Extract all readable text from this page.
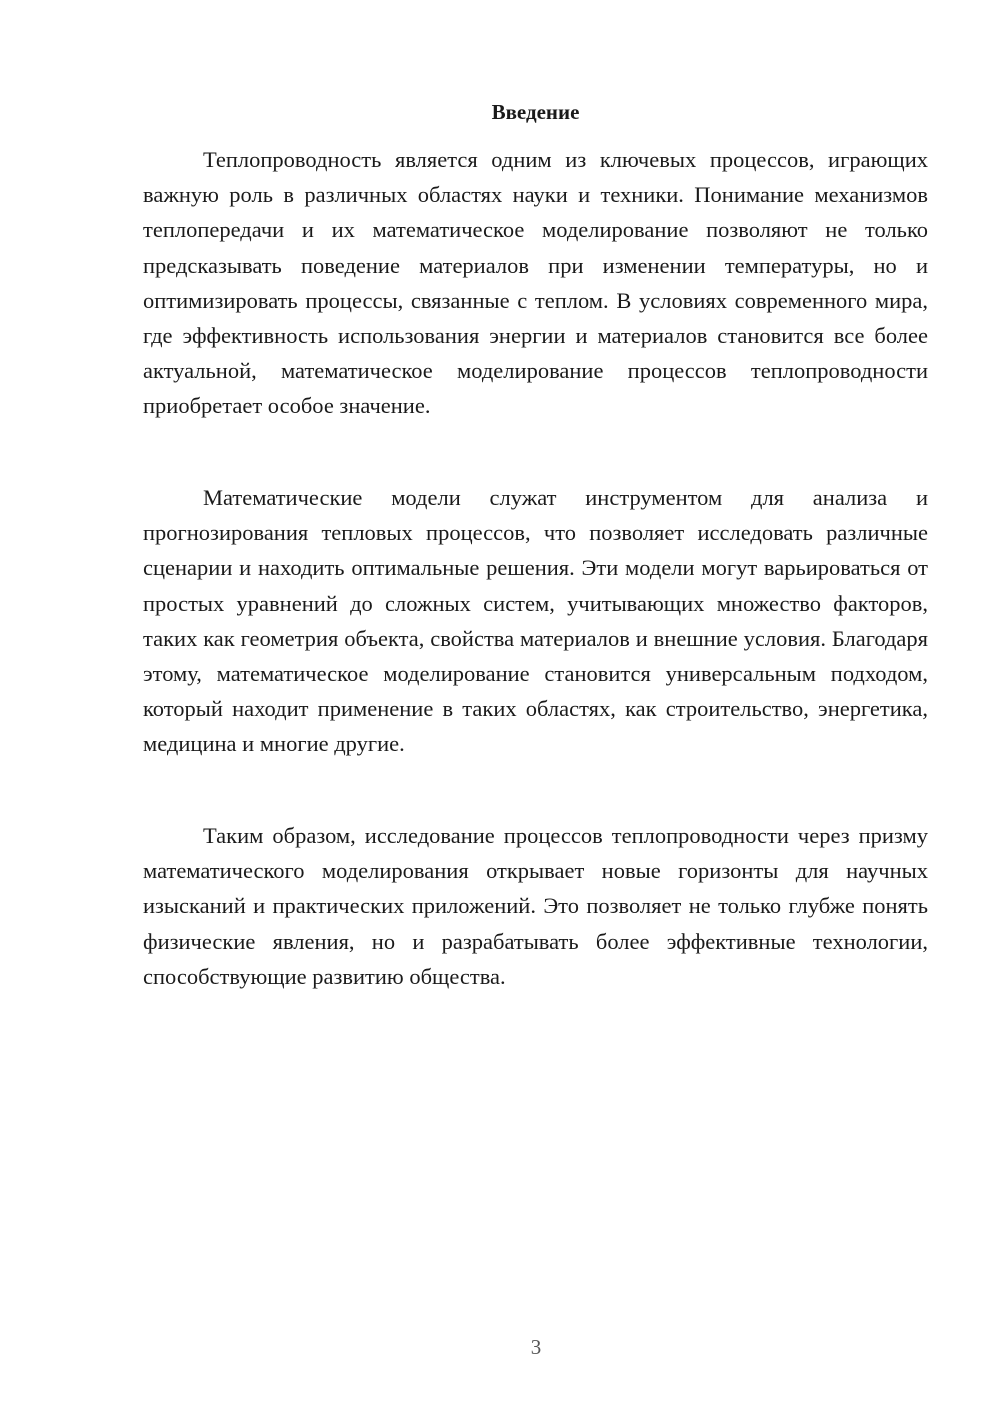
Введение

Теплопроводность является одним из ключевых процессов, играющих важную роль в различных областях науки и техники. Понимание механизмов теплопередачи и их математическое моделирование позволяют не только предсказывать поведение материалов при изменении температуры, но и оптимизировать процессы, связанные с теплом. В условиях современного мира, где эффективность использования энергии и материалов становится все более актуальной, математическое моделирование процессов теплопроводности приобретает особое значение.

Математические модели служат инструментом для анализа и прогнозирования тепловых процессов, что позволяет исследовать различные сценарии и находить оптимальные решения. Эти модели могут варьироваться от простых уравнений до сложных систем, учитывающих множество факторов, таких как геометрия объекта, свойства материалов и внешние условия. Благодаря этому, математическое моделирование становится универсальным подходом, который находит применение в таких областях, как строительство, энергетика, медицина и многие другие.

Таким образом, исследование процессов теплопроводности через призму математического моделирования открывает новые горизонты для научных изысканий и практических приложений. Это позволяет не только глубже понять физические явления, но и разрабатывать более эффективные технологии, способствующие развитию общества.

3
